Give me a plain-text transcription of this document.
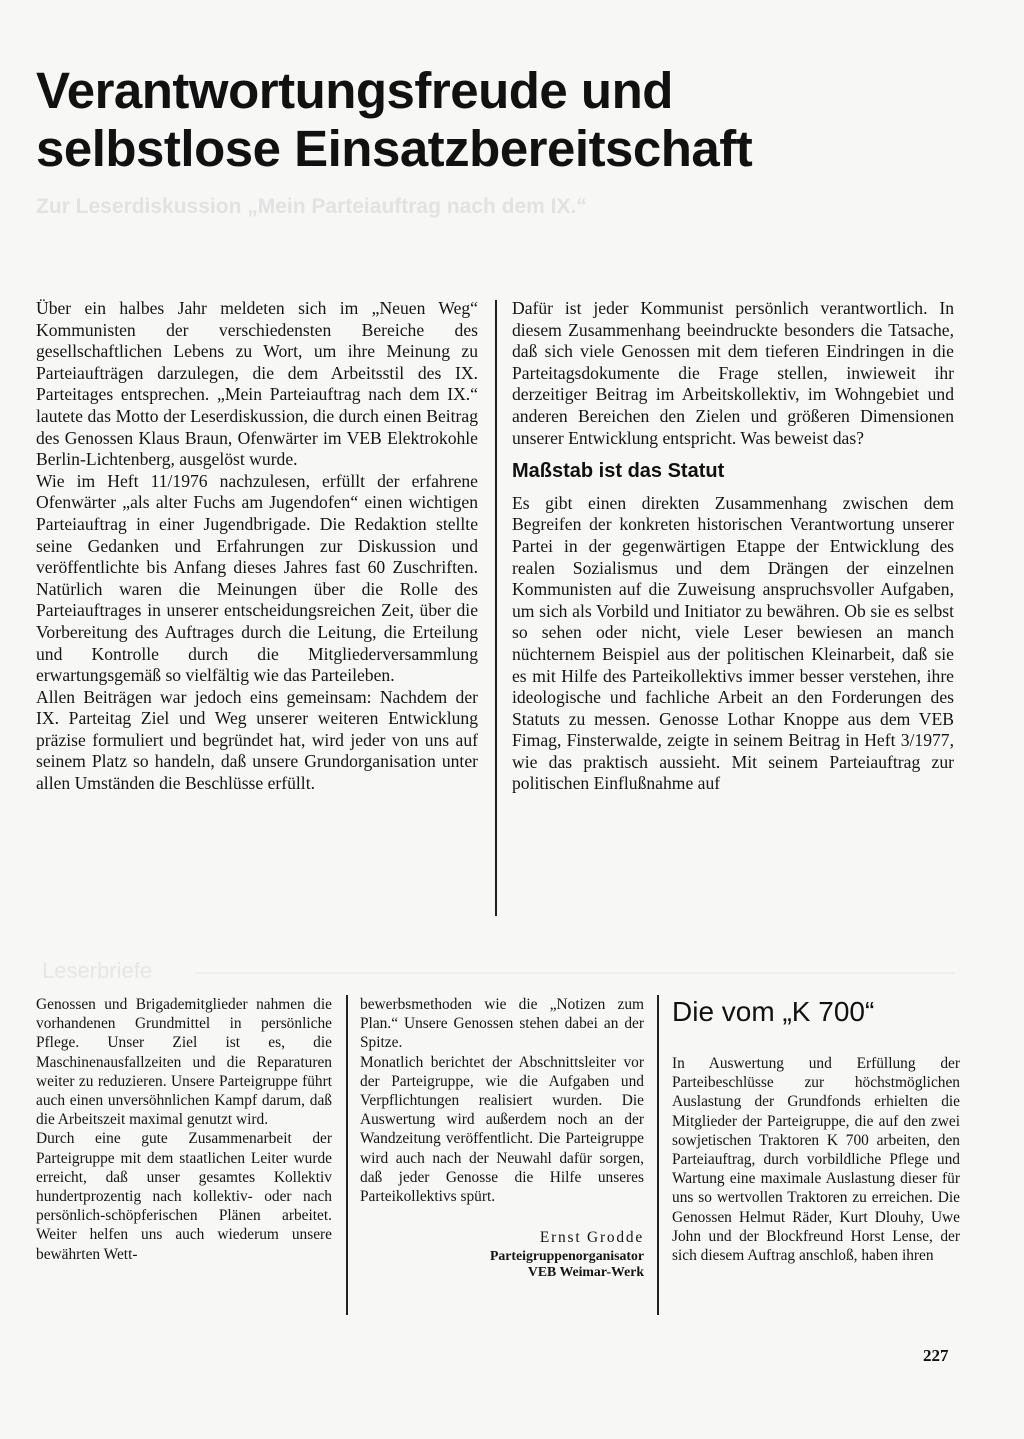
Verantwortungsfreude und
selbstlose Einsatzbereitschaft
Zur Leserdiskussion „Mein Parteiauftrag nach dem IX.“

Über ein halbes Jahr meldeten sich im „Neuen Weg“ Kommunisten der verschiedensten Bereiche des gesellschaftlichen Lebens zu Wort, um ihre Meinung zu Parteiaufträgen darzulegen, die dem Arbeitsstil des IX. Parteitages entsprechen. „Mein Parteiauftrag nach dem IX.“ lautete das Motto der Leserdiskussion, die durch einen Beitrag des Genossen Klaus Braun, Ofenwärter im VEB Elektrokohle Berlin-Lichtenberg, ausgelöst wurde.

Wie im Heft 11/1976 nachzulesen, erfüllt der erfahrene Ofenwärter „als alter Fuchs am Jugendofen“ einen wichtigen Parteiauftrag in einer Jugendbrigade. Die Redaktion stellte seine Gedanken und Erfahrungen zur Diskussion und veröffentlichte bis Anfang dieses Jahres fast 60 Zuschriften. Natürlich waren die Meinungen über die Rolle des Parteiauftrages in unserer entscheidungsreichen Zeit, über die Vorbereitung des Auftrages durch die Leitung, die Erteilung und Kontrolle durch die Mitgliederversammlung erwartungsgemäß so vielfältig wie das Parteileben.

Allen Beiträgen war jedoch eins gemeinsam: Nachdem der IX. Parteitag Ziel und Weg unserer weiteren Entwicklung präzise formuliert und begründet hat, wird jeder von uns auf seinem Platz so handeln, daß unsere Grundorganisation unter allen Umständen die Beschlüsse erfüllt.

Dafür ist jeder Kommunist persönlich verantwortlich. In diesem Zusammenhang beeindruckte besonders die Tatsache, daß sich viele Genossen mit dem tieferen Eindringen in die Parteitagsdokumente die Frage stellen, inwieweit ihr derzeitiger Beitrag im Arbeitskollektiv, im Wohngebiet und anderen Bereichen den Zielen und größeren Dimensionen unserer Entwicklung entspricht. Was beweist das?

Maßstab ist das Statut

Es gibt einen direkten Zusammenhang zwischen dem Begreifen der konkreten historischen Verantwortung unserer Partei in der gegenwärtigen Etappe der Entwicklung des realen Sozialismus und dem Drängen der einzelnen Kommunisten auf die Zuweisung anspruchsvoller Aufgaben, um sich als Vorbild und Initiator zu bewähren. Ob sie es selbst so sehen oder nicht, viele Leser bewiesen an manch nüchternem Beispiel aus der politischen Kleinarbeit, daß sie es mit Hilfe des Parteikollektivs immer besser verstehen, ihre ideologische und fachliche Arbeit an den Forderungen des Statuts zu messen. Genosse Lothar Knoppe aus dem VEB Fimag, Finsterwalde, zeigte in seinem Beitrag in Heft 3/1977, wie das praktisch aussieht. Mit seinem Parteiauftrag zur politischen Einflußnahme auf

Leserbriefe

Genossen und Brigademitglieder nahmen die vorhandenen Grundmittel in persönliche Pflege. Unser Ziel ist es, die Maschinenausfallzeiten und die Reparaturen weiter zu reduzieren. Unsere Parteigruppe führt auch einen unversöhnlichen Kampf darum, daß die Arbeitszeit maximal genutzt wird.

Durch eine gute Zusammenarbeit der Parteigruppe mit dem staatlichen Leiter wurde erreicht, daß unser gesamtes Kollektiv hundertprozentig nach kollektiv- oder nach persönlich-schöpferischen Plänen arbeitet. Weiter helfen uns auch wiederum unsere bewährten Wett-

bewerbsmethoden wie die „Notizen zum Plan.“ Unsere Genossen stehen dabei an der Spitze.

Monatlich berichtet der Abschnittsleiter vor der Parteigruppe, wie die Aufgaben und Verpflichtungen realisiert wurden. Die Auswertung wird außerdem noch an der Wandzeitung veröffentlicht. Die Parteigruppe wird auch nach der Neuwahl dafür sorgen, daß jeder Genosse die Hilfe unseres Parteikollektivs spürt.

Ernst Grodde
Parteigruppenorganisator
VEB Weimar-Werk
Die vom „K 700“

In Auswertung und Erfüllung der Parteibeschlüsse zur höchstmöglichen Auslastung der Grundfonds erhielten die Mitglieder der Parteigruppe, die auf den zwei sowjetischen Traktoren K 700 arbeiten, den Parteiauftrag, durch vorbildliche Pflege und Wartung eine maximale Auslastung dieser für uns so wertvollen Traktoren zu erreichen. Die Genossen Helmut Räder, Kurt Dlouhy, Uwe John und der Blockfreund Horst Lense, der sich diesem Auftrag anschloß, haben ihren

227
